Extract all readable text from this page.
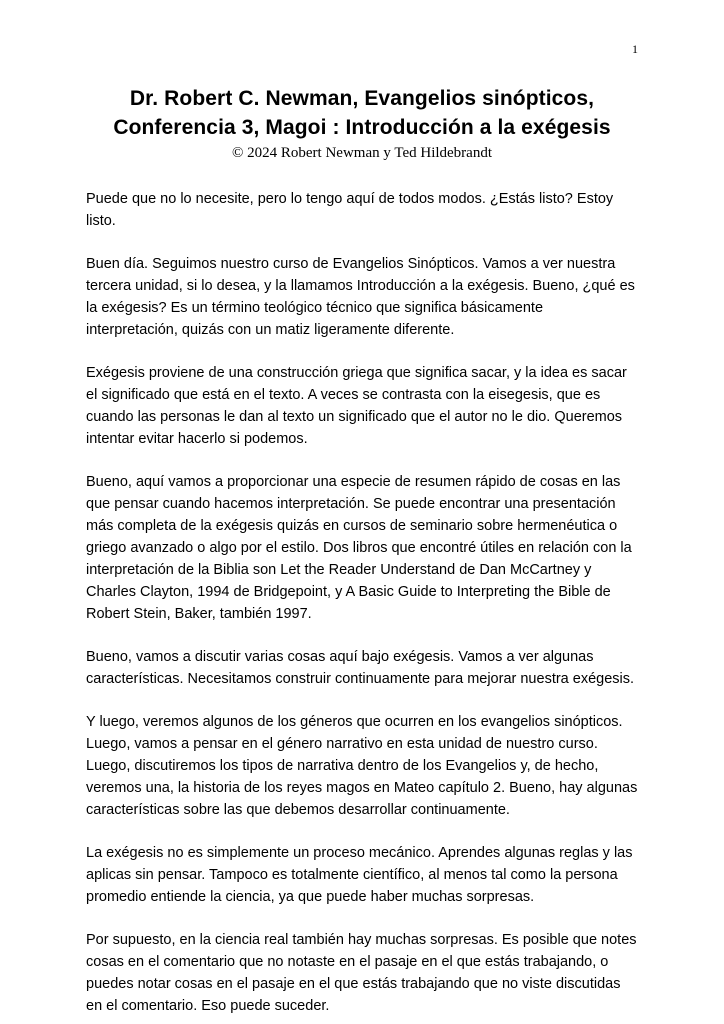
1
Dr. Robert C. Newman, Evangelios sinópticos,
Conferencia 3, Magoi : Introducción a la exégesis
© 2024 Robert Newman y Ted Hildebrandt

Puede que no lo necesite, pero lo tengo aquí de todos modos. ¿Estás listo? Estoy listo.

Buen día. Seguimos nuestro curso de Evangelios Sinópticos. Vamos a ver nuestra tercera unidad, si lo desea, y la llamamos Introducción a la exégesis. Bueno, ¿qué es la exégesis? Es un término teológico técnico que significa básicamente interpretación, quizás con un matiz ligeramente diferente.

Exégesis proviene de una construcción griega que significa sacar, y la idea es sacar el significado que está en el texto. A veces se contrasta con la eisegesis, que es cuando las personas le dan al texto un significado que el autor no le dio. Queremos intentar evitar hacerlo si podemos.

Bueno, aquí vamos a proporcionar una especie de resumen rápido de cosas en las que pensar cuando hacemos interpretación. Se puede encontrar una presentación más completa de la exégesis quizás en cursos de seminario sobre hermenéutica o griego avanzado o algo por el estilo. Dos libros que encontré útiles en relación con la interpretación de la Biblia son Let the Reader Understand de Dan McCartney y Charles Clayton, 1994 de Bridgepoint, y A Basic Guide to Interpreting the Bible de Robert Stein, Baker, también 1997.

Bueno, vamos a discutir varias cosas aquí bajo exégesis. Vamos a ver algunas características. Necesitamos construir continuamente para mejorar nuestra exégesis.

Y luego, veremos algunos de los géneros que ocurren en los evangelios sinópticos. Luego, vamos a pensar en el género narrativo en esta unidad de nuestro curso. Luego, discutiremos los tipos de narrativa dentro de los Evangelios y, de hecho, veremos una, la historia de los reyes magos en Mateo capítulo 2. Bueno, hay algunas características sobre las que debemos desarrollar continuamente.

La exégesis no es simplemente un proceso mecánico. Aprendes algunas reglas y las aplicas sin pensar. Tampoco es totalmente científico, al menos tal como la persona promedio entiende la ciencia, ya que puede haber muchas sorpresas.

Por supuesto, en la ciencia real también hay muchas sorpresas. Es posible que notes cosas en el comentario que no notaste en el pasaje en el que estás trabajando, o puedes notar cosas en el pasaje en el que estás trabajando que no viste discutidas en el comentario. Eso puede suceder.
